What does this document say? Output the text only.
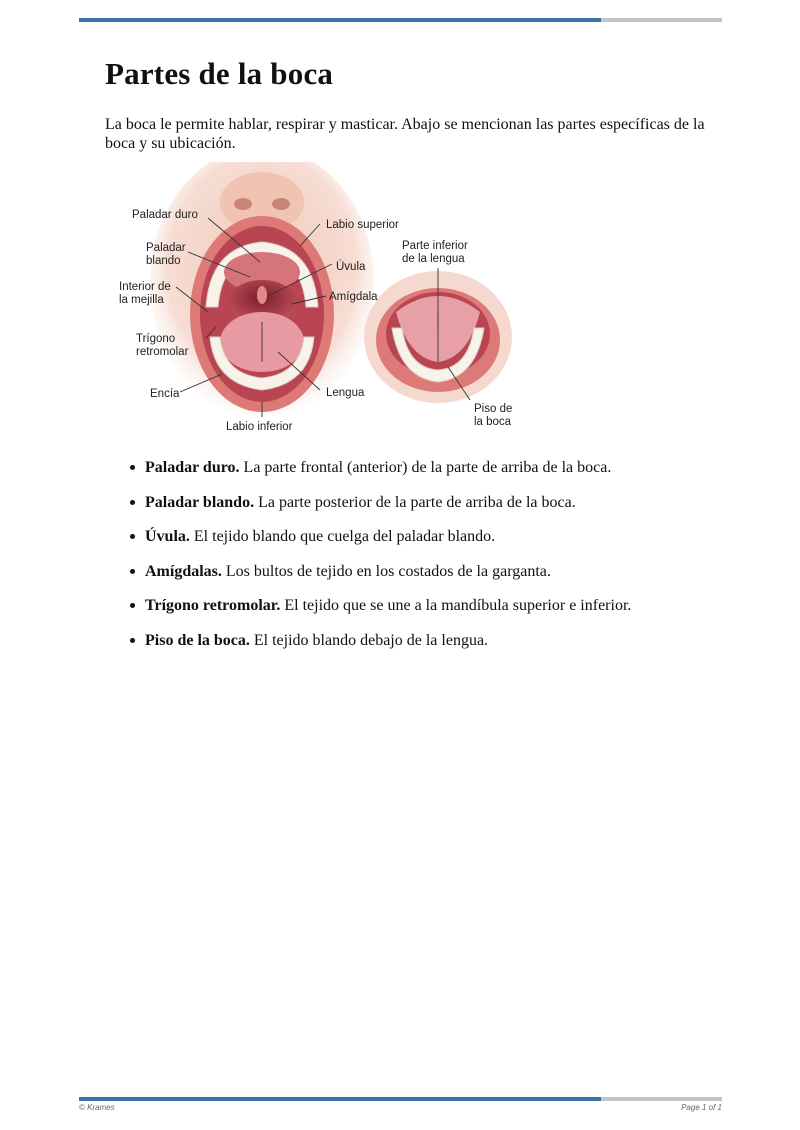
Partes de la boca

La boca le permite hablar, respirar y masticar. Abajo se mencionan las partes específicas de la boca y su ubicación.

Paladar duro
Labio superior
Paladar
blando	Úvula
Interior de
la mejilla	Amígdala
Trígono
retromolar
Encía	Lengua
Labio inferior
Parte inferior
de la lengua
Piso de
la boca
Paladar duro. La parte frontal (anterior) de la parte de arriba de la boca.
Paladar blando. La parte posterior de la parte de arriba de la boca.
Úvula. El tejido blando que cuelga del paladar blando.
Amígdalas. Los bultos de tejido en los costados de la garganta.
Trígono retromolar. El tejido que se une a la mandíbula superior e inferior.
Piso de la boca. El tejido blando debajo de la lengua.
© Krames	Page 1 of 1
